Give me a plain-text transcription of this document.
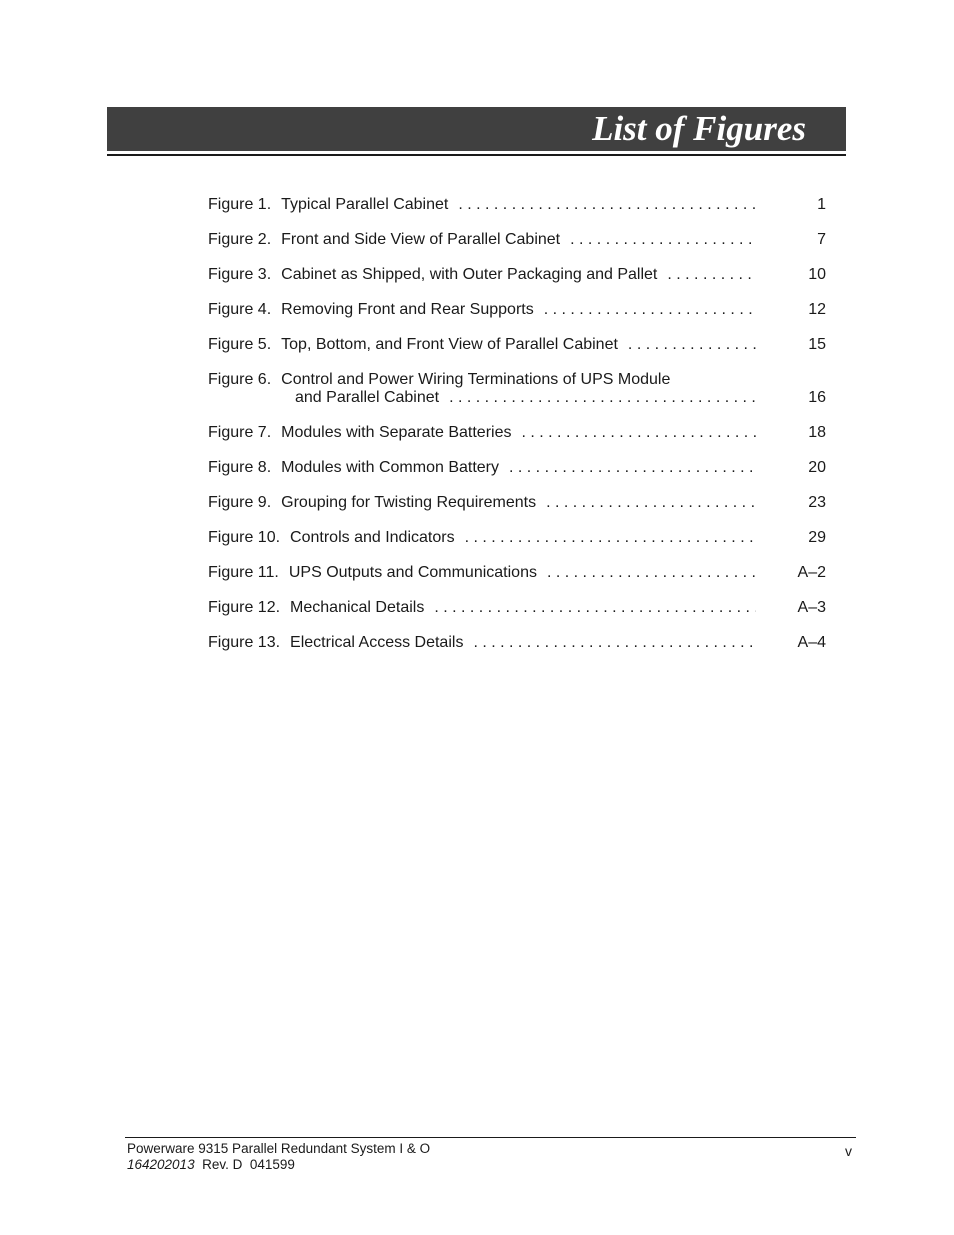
List of Figures
Figure 1. Typical Parallel Cabinet . . .	1
Figure 2. Front and Side View of Parallel Cabinet . . .	7
Figure 3. Cabinet as Shipped, with Outer Packaging and Pallet . . .	10
Figure 4. Removing Front and Rear Supports . . .	12
Figure 5. Top, Bottom, and Front View of Parallel Cabinet . . .	15
Figure 6. Control and Power Wiring Terminations of UPS Module
and Parallel Cabinet . . .	16
Figure 7. Modules with Separate Batteries . . .	18
Figure 8. Modules with Common Battery . . .	20
Figure 9. Grouping for Twisting Requirements . . .	23
Figure 10. Controls and Indicators . . .	29
Figure 11. UPS Outputs and Communications . . .	A–2
Figure 12. Mechanical Details . . .	A–3
Figure 13. Electrical Access Details . . .	A–4
Powerware 9315 Parallel Redundant System I & O
164202013 Rev. D  041599
v
